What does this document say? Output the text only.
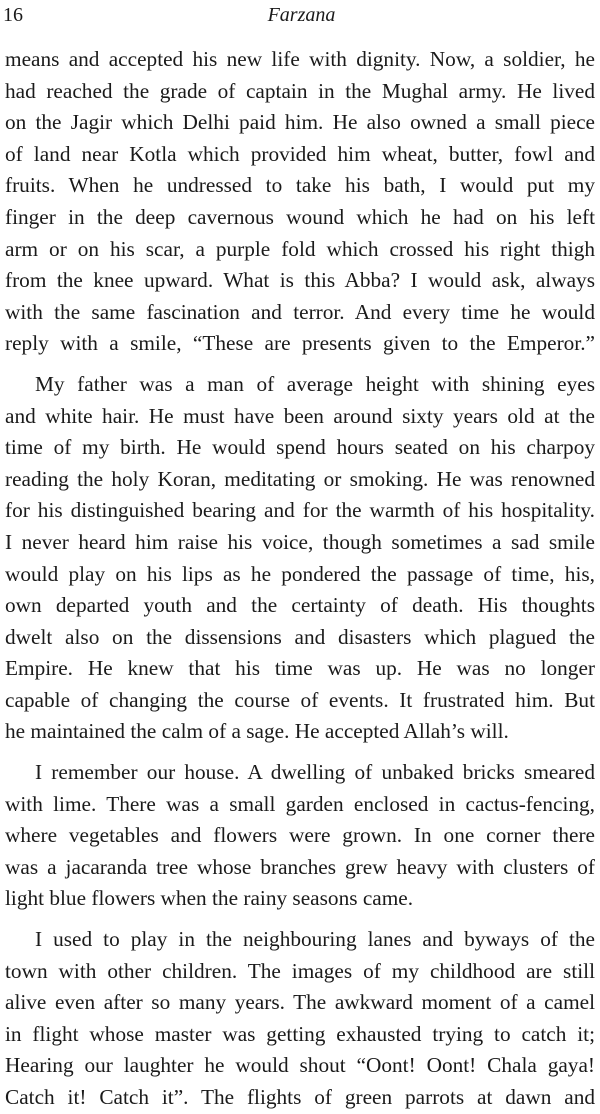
16	Farzana
means and accepted his new life with dignity. Now, a soldier, he
had reached the grade of captain in the Mughal army. He lived
on the Jagir which Delhi paid him. He also owned a small piece
of land near Kotla which provided him wheat, butter, fowl and
fruits. When he undressed to take his bath, I would put my
finger in the deep cavernous wound which he had on his left
arm or on his scar, a purple fold which crossed his right thigh
from the knee upward. What is this Abba? I would ask, always
with the same fascination and terror. And every time he would
reply with a smile, “These are presents given to the Emperor.”
My father was a man of average height with shining eyes
and white hair. He must have been around sixty years old at the
time of my birth. He would spend hours seated on his charpoy
reading the holy Koran, meditating or smoking. He was renowned
for his distinguished bearing and for the warmth of his hospitality.
I never heard him raise his voice, though sometimes a sad smile
would play on his lips as he pondered the passage of time, his,
own departed youth and the certainty of death. His thoughts
dwelt also on the dissensions and disasters which plagued the
Empire. He knew that his time was up. He was no longer
capable of changing the course of events. It frustrated him. But
he maintained the calm of a sage. He accepted Allah’s will.
I remember our house. A dwelling of unbaked bricks smeared
with lime. There was a small garden enclosed in cactus-fencing,
where vegetables and flowers were grown. In one corner there
was a jacaranda tree whose branches grew heavy with clusters of
light blue flowers when the rainy seasons came.
I used to play in the neighbouring lanes and byways of the
town with other children. The images of my childhood are still
alive even after so many years. The awkward moment of a camel
in flight whose master was getting exhausted trying to catch it;
Hearing our laughter he would shout “Oont! Oont! Chala gaya!
Catch it! Catch it”. The flights of green parrots at dawn and
